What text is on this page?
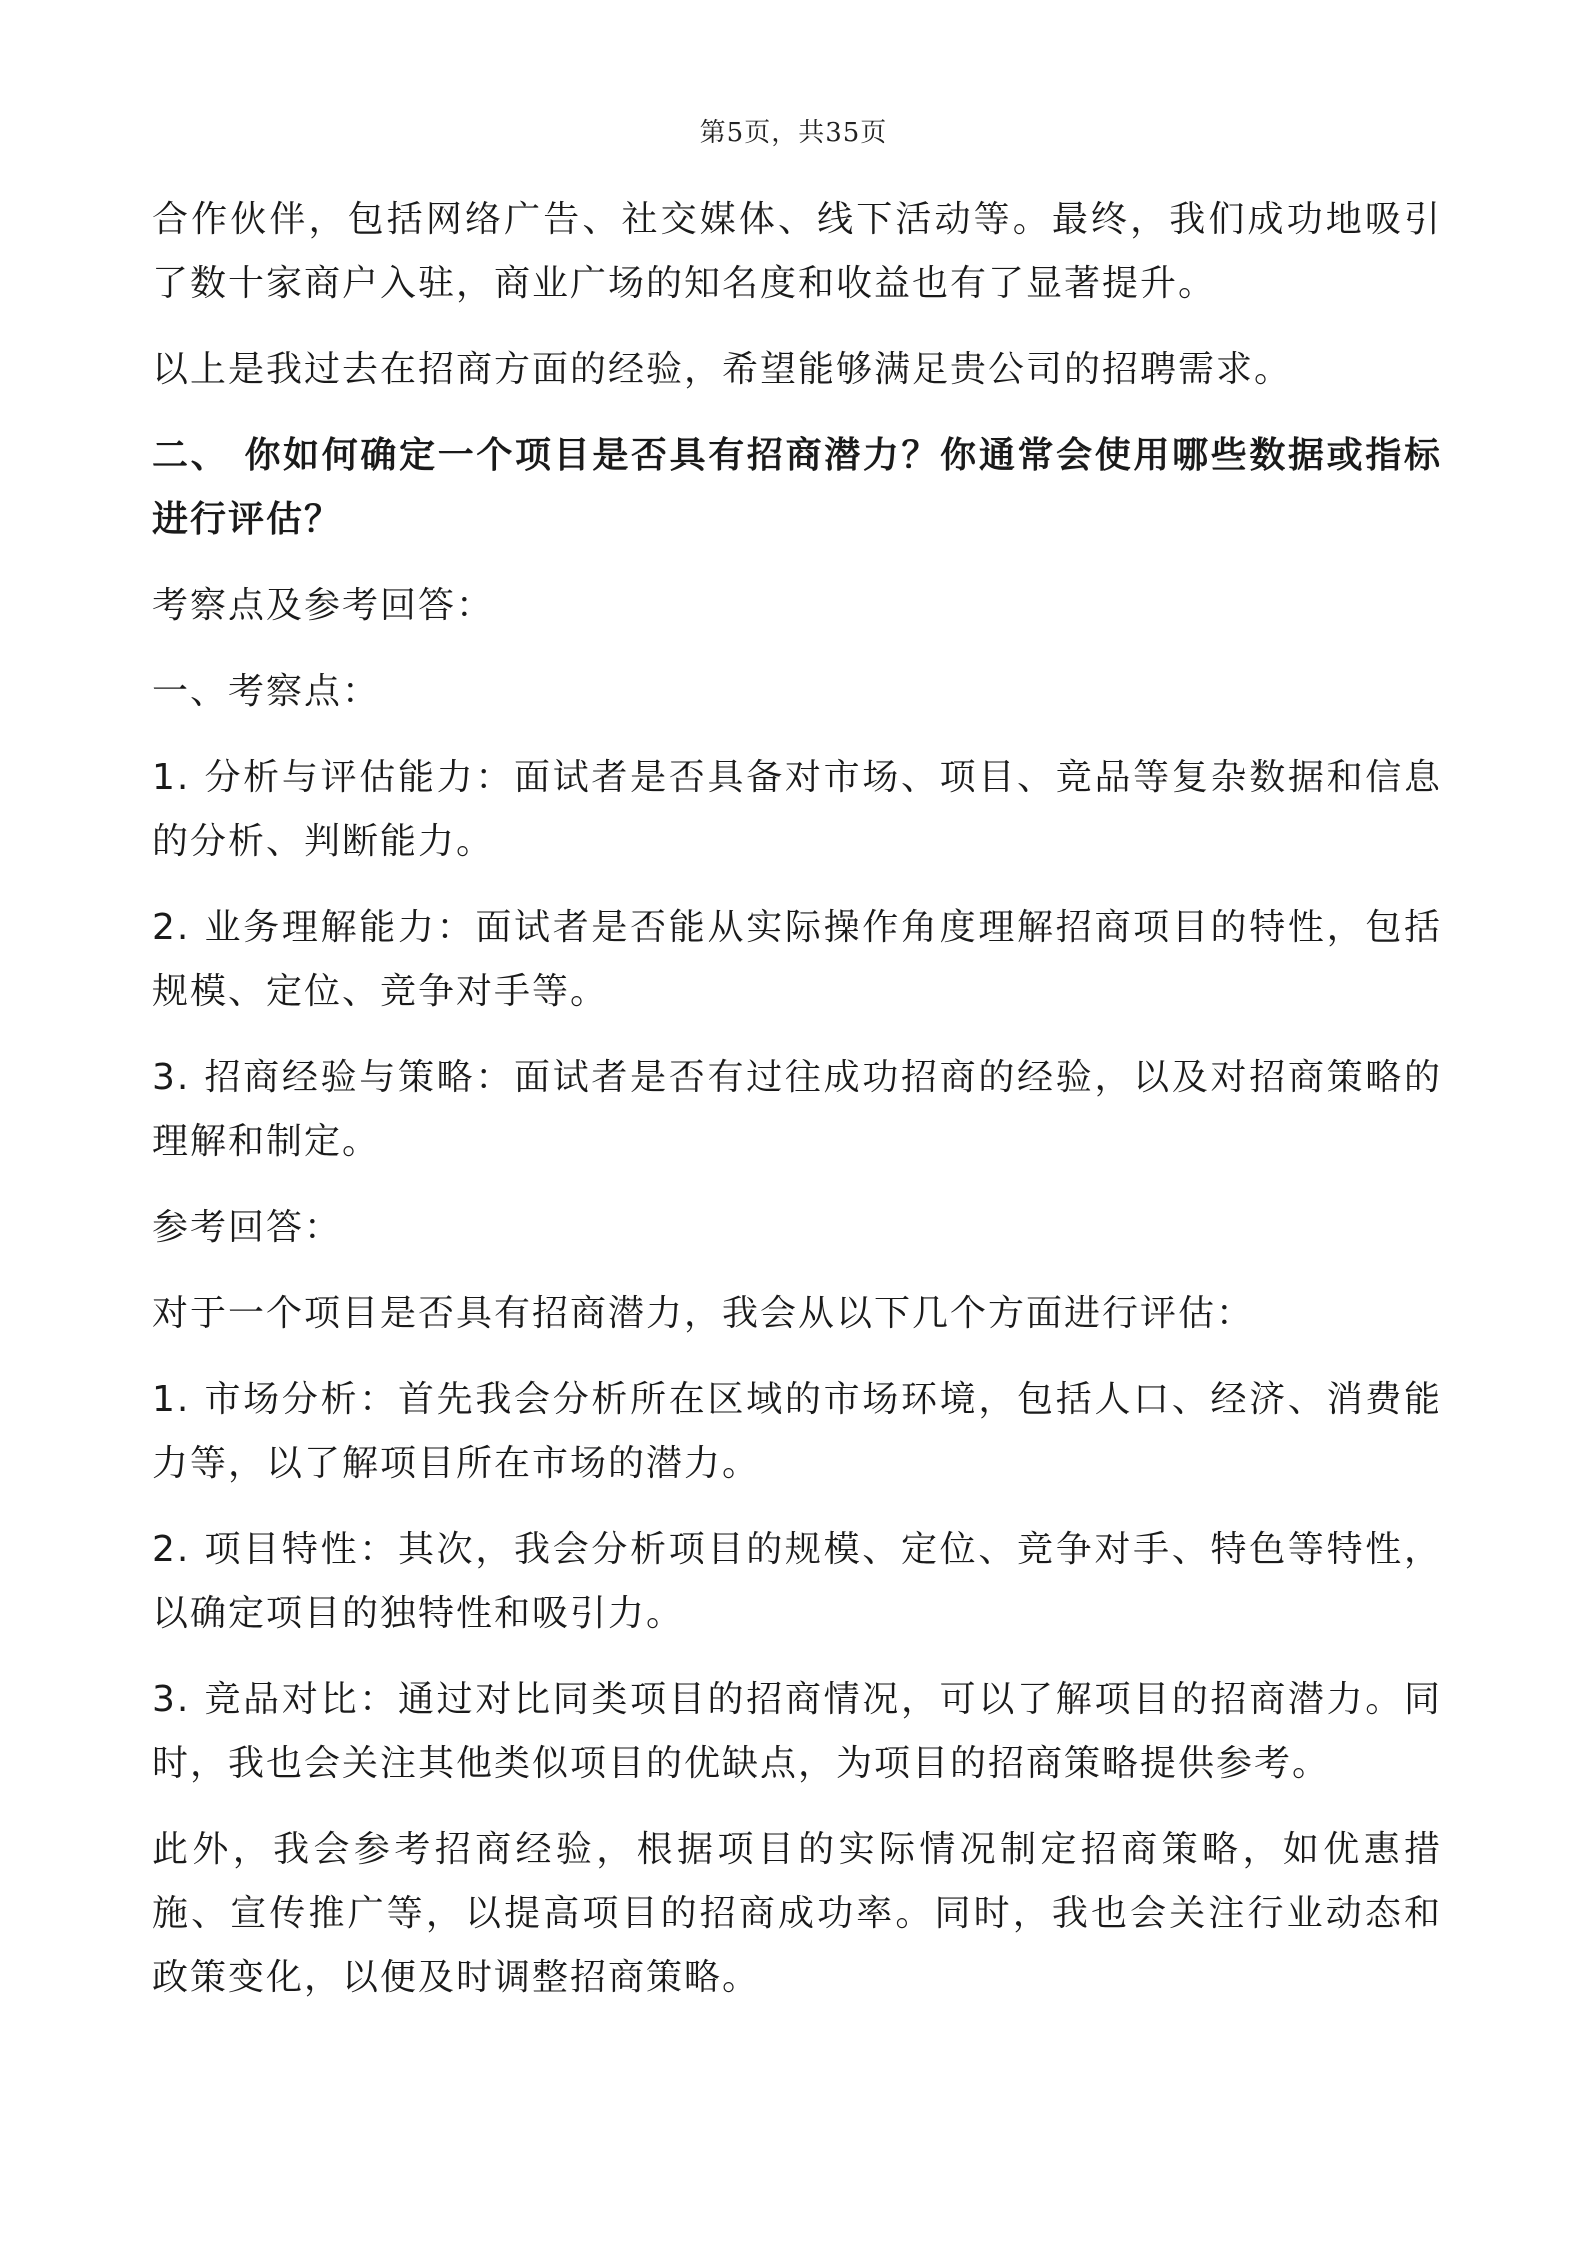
第5页，共35页

合作伙伴，包括网络广告、社交媒体、线下活动等。最终，我们成功地吸引了数十家商户入驻，商业广场的知名度和收益也有了显著提升。

以上是我过去在招商方面的经验，希望能够满足贵公司的招聘需求。

二、 你如何确定一个项目是否具有招商潜力？你通常会使用哪些数据或指标进行评估？

考察点及参考回答：

一、考察点：

1. 分析与评估能力：面试者是否具备对市场、项目、竞品等复杂数据和信息的分析、判断能力。

2. 业务理解能力：面试者是否能从实际操作角度理解招商项目的特性，包括规模、定位、竞争对手等。

3. 招商经验与策略：面试者是否有过往成功招商的经验，以及对招商策略的理解和制定。

参考回答：

对于一个项目是否具有招商潜力，我会从以下几个方面进行评估：

1. 市场分析：首先我会分析所在区域的市场环境，包括人口、经济、消费能力等，以了解项目所在市场的潜力。

2. 项目特性：其次，我会分析项目的规模、定位、竞争对手、特色等特性，以确定项目的独特性和吸引力。

3. 竞品对比：通过对比同类项目的招商情况，可以了解项目的招商潜力。同时，我也会关注其他类似项目的优缺点，为项目的招商策略提供参考。

此外，我会参考招商经验，根据项目的实际情况制定招商策略，如优惠措施、宣传推广等，以提高项目的招商成功率。同时，我也会关注行业动态和政策变化，以便及时调整招商策略。
